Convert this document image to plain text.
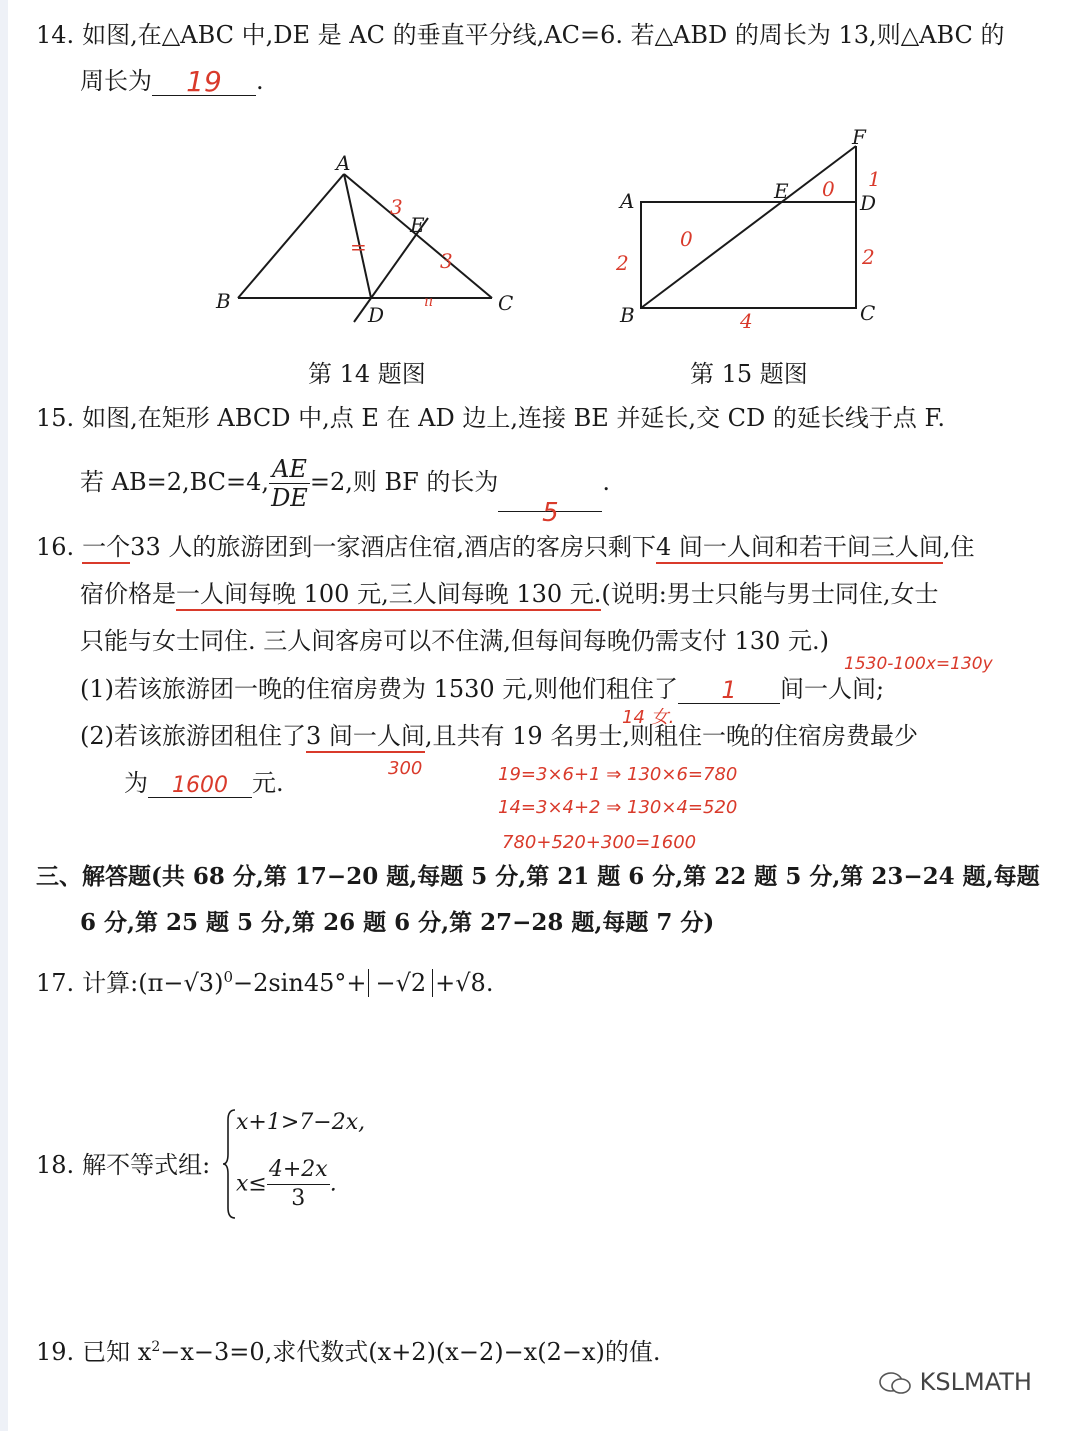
14. 如图,在△ABC 中,DE 是 AC 的垂直平分线,AC=6. 若△ABD 的周长为 13,则△ABC 的
周长为 19 .
A
B	C
D
E
3
3
=
ıı
A
B	C
D
E
F
2	2
4
1
0
0
第 14 题图	第 15 题图
15. 如图,在矩形 ABCD 中,点 E 在 AD 边上,连接 BE 并延长,交 CD 的延长线于点 F.
若 AB=2,BC=4, $\frac{AE}{DE} =2$,则 BF 的长为5.
16. 一个33 人的旅游团到一家酒店住宿,酒店的客房只剩下4 间一人间和若干间三人间,住
宿价格是一人间每晚 100 元,三人间每晚 130 元.(说明:男士只能与男士同住,女士
只能与女士同住. 三人间客房可以不住满,但每间每晚仍需支付 130 元.)
1530-100x=130y
(1)若该旅游团一晚的住宿房费为 1530 元,则他们租住了 1 间一人间;
14 女.
(2)若该旅游团租住了3 间一人间,且共有 19 名男士,则租住一晚的住宿房费最少
300
为 1600 元.	19=3×6+1 ⇒ 130×6=780
14=3×4+2 ⇒ 130×4=520
780+520+300=1600
三、解答题(共 68 分,第 17−20 题,每题 5 分,第 21 题 6 分,第 22 题 5 分,第 23−24 题,每题
6 分,第 25 题 5 分,第 26 题 6 分,第 27−28 题,每题 7 分)
17. 计算$:(\pi-√3)^0-2\sin 45^\circ+ -√2 +√8$.
18. 解不等式组:
x+1>7−2x,
$x\le \frac{4+2x}{3}$ .
19. 已知 $x^2-x-3=0$,求代数式(x+2)(x−2)−x(2−x)的值.
KSLMATH
